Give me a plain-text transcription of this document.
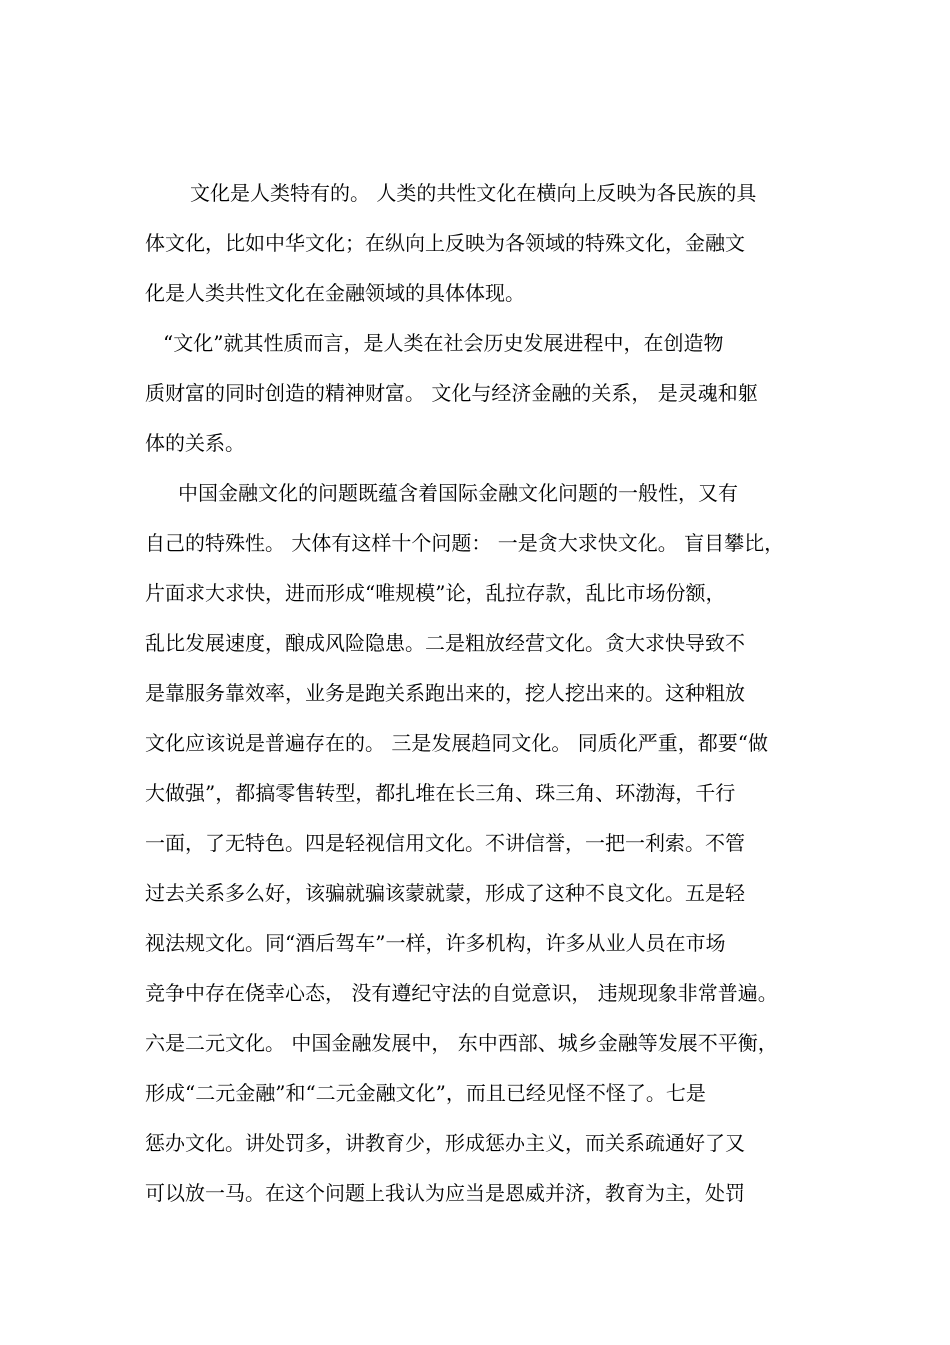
文化是人类特有的。 人类的共性文化在横向上反映为各民族的具
体文化，比如中华文化；在纵向上反映为各领域的特殊文化，金融文
化是人类共性文化在金融领域的具体体现。
“文化”就其性质而言，是人类在社会历史发展进程中，在创造物
质财富的同时创造的精神财富。 文化与经济金融的关系， 是灵魂和躯
体的关系。
中国金融文化的问题既蕴含着国际金融文化问题的一般性，又有
自己的特殊性。 大体有这样十个问题： 一是贪大求快文化。 盲目攀比，
片面求大求快，进而形成“唯规模”论，乱拉存款，乱比市场份额，
乱比发展速度，酿成风险隐患。二是粗放经营文化。贪大求快导致不
是靠服务靠效率，业务是跑关系跑出来的，挖人挖出来的。这种粗放
文化应该说是普遍存在的。 三是发展趋同文化。 同质化严重，都要“做
大做强”，都搞零售转型，都扎堆在长三角、珠三角、环渤海，千行
一面，了无特色。四是轻视信用文化。不讲信誉，一把一利索。不管
过去关系多么好，该骗就骗该蒙就蒙，形成了这种不良文化。五是轻
视法规文化。同“酒后驾车”一样，许多机构，许多从业人员在市场
竞争中存在侥幸心态， 没有遵纪守法的自觉意识， 违规现象非常普遍。
六是二元文化。 中国金融发展中， 东中西部、城乡金融等发展不平衡，
形成“二元金融”和“二元金融文化”，而且已经见怪不怪了。七是
惩办文化。讲处罚多，讲教育少，形成惩办主义，而关系疏通好了又
可以放一马。在这个问题上我认为应当是恩威并济，教育为主，处罚
